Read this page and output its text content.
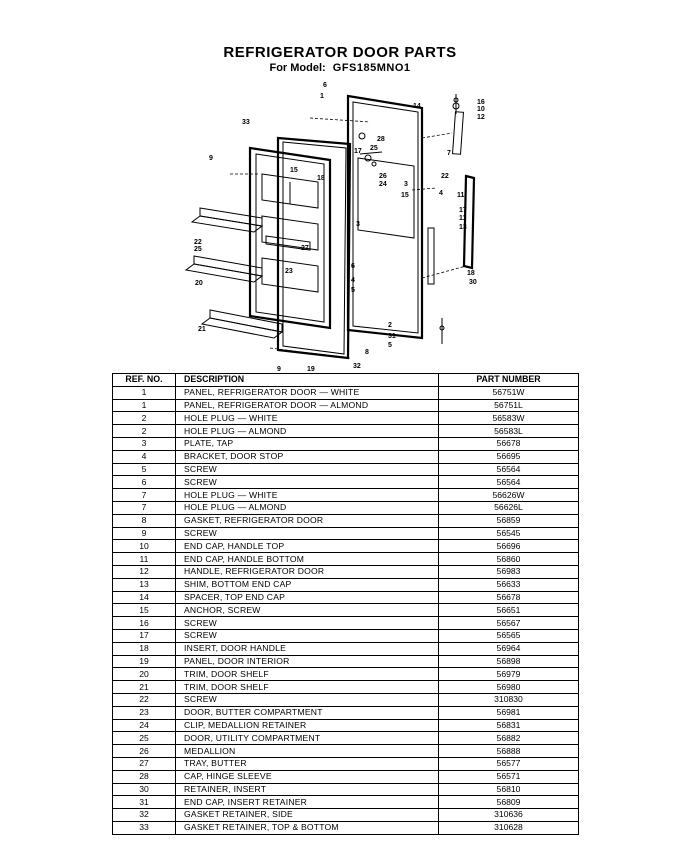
REFRIGERATOR DOOR PARTS
For Model: GFS185MNO1
6
1
16
10
12
14
33
28
17 25
7
9
15
18	26
24
22
3
15	4 11
17
11
13
3
22
25	27
23
6
4
5
20
18
30
21
2
31
5
8
9	19	32
REF. NO.	DESCRIPTION	PART NUMBER
1	PANEL, REFRIGERATOR DOOR — WHITE	56751W
1	PANEL, REFRIGERATOR DOOR — ALMOND	56751L
2	HOLE PLUG — WHITE	56583W
2	HOLE PLUG — ALMOND	56583L
3	PLATE, TAP	56678
4	BRACKET, DOOR STOP	56695
5	SCREW	56564
6	SCREW	56564
7	HOLE PLUG — WHITE	56626W
7	HOLE PLUG — ALMOND	56626L
8	GASKET, REFRIGERATOR DOOR	56859
9	SCREW	56545
10	END CAP, HANDLE TOP	56696
11	END CAP, HANDLE BOTTOM	56860
12	HANDLE, REFRIGERATOR DOOR	56983
13	SHIM, BOTTOM END CAP	56633
14	SPACER, TOP END CAP	56678
15	ANCHOR, SCREW	56651
16	SCREW	56567
17	SCREW	56565
18	INSERT, DOOR HANDLE	56964
19	PANEL, DOOR INTERIOR	56898
20	TRIM, DOOR SHELF	56979
21	TRIM, DOOR SHELF	56980
22	SCREW	310830
23	DOOR, BUTTER COMPARTMENT	56981
24	CLIP, MEDALLION RETAINER	56831
25	DOOR, UTILITY COMPARTMENT	56882
26	MEDALLION	56888
27	TRAY, BUTTER	56577
28	CAP, HINGE SLEEVE	56571
30	RETAINER, INSERT	56810
31	END CAP, INSERT RETAINER	56809
32	GASKET RETAINER, SIDE	310636
33	GASKET RETAINER, TOP & BOTTOM	310628
